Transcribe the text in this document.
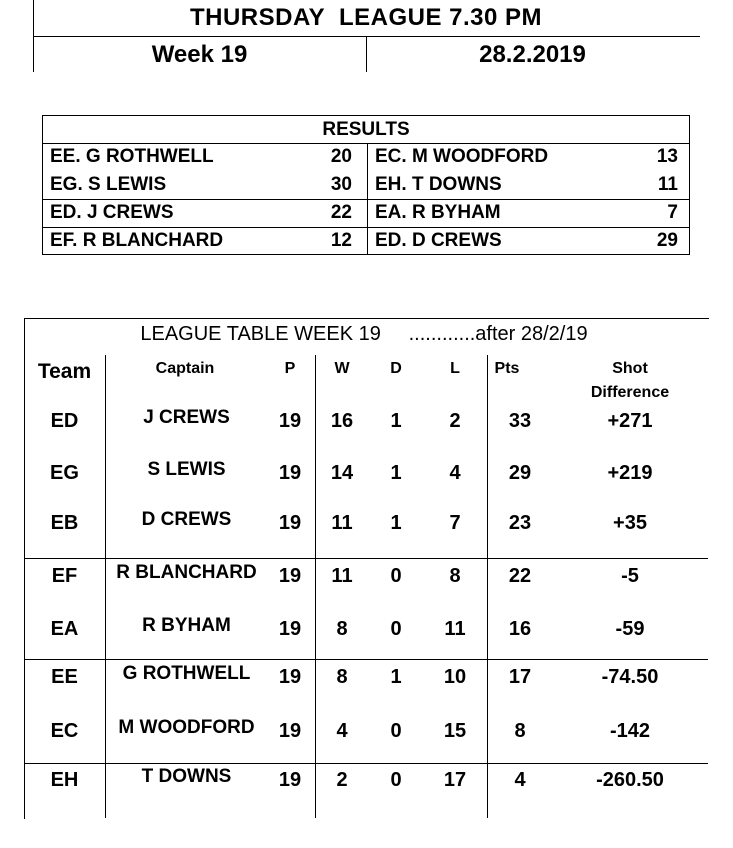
THURSDAY  LEAGUE 7.30 PM
Week 19	28.2.2019
RESULTS
EE. G ROTHWELL	20 EC. M WOODFORD	13
EG. S LEWIS	30 EH. T DOWNS	11
ED. J CREWS	22 EA. R BYHAM	7
EF. R BLANCHARD	12 ED. D CREWS	29
LEAGUE TABLE WEEK 19     ............after 28/2/19
Team	Captain	P	W	D	L	Pts	Shot
Difference
ED	J CREWS	19	16	1	2	33	+271
EG	S LEWIS	19	14	1	4	29	+219
EB	D CREWS	19	11	1	7	23	+35
EF	R BLANCHARD	19	11	0	8	22	-5
EA	R BYHAM	19	8	0	11	16	-59
EE	G ROTHWELL	19	8	1	10	17	-74.50
EC	M WOODFORD	19	4	0	15	8	-142
EH	T DOWNS	19	2	0	17	4	-260.50
